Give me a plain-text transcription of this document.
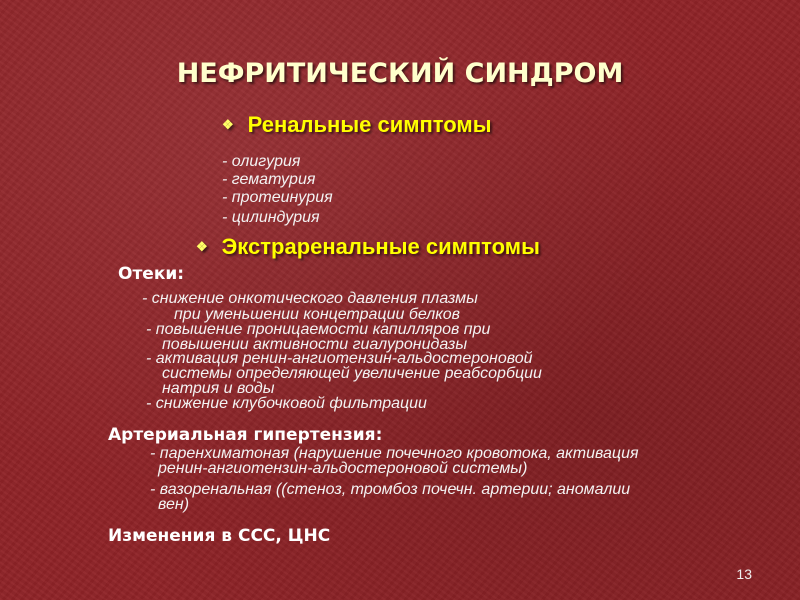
НЕФРИТИЧЕСКИЙ СИНДРОМ
❖ Ренальные симптомы
- олигурия
- гематурия
- протеинурия
- цилиндурия
❖ Экстраренальные симптомы
Отеки:
- снижение онкотического давления плазмы
при уменьшении концетрации белков
- повышение проницаемости капилляров при
повышении активности гиалуронидазы
- активация ренин-ангиотензин-альдостероновой
системы определяющей увеличение реабсорбции
натрия и воды
- снижение клубочковой фильтрации
Артериальная гипертензия:
- паренхиматоная (нарушение почечного кровотока, активация
ренин-ангиотензин-альдостероновой системы)
- вазоренальная ((стеноз, тромбоз почечн. артерии; аномалии
вен)
Изменения в ССС, ЦНС
13
